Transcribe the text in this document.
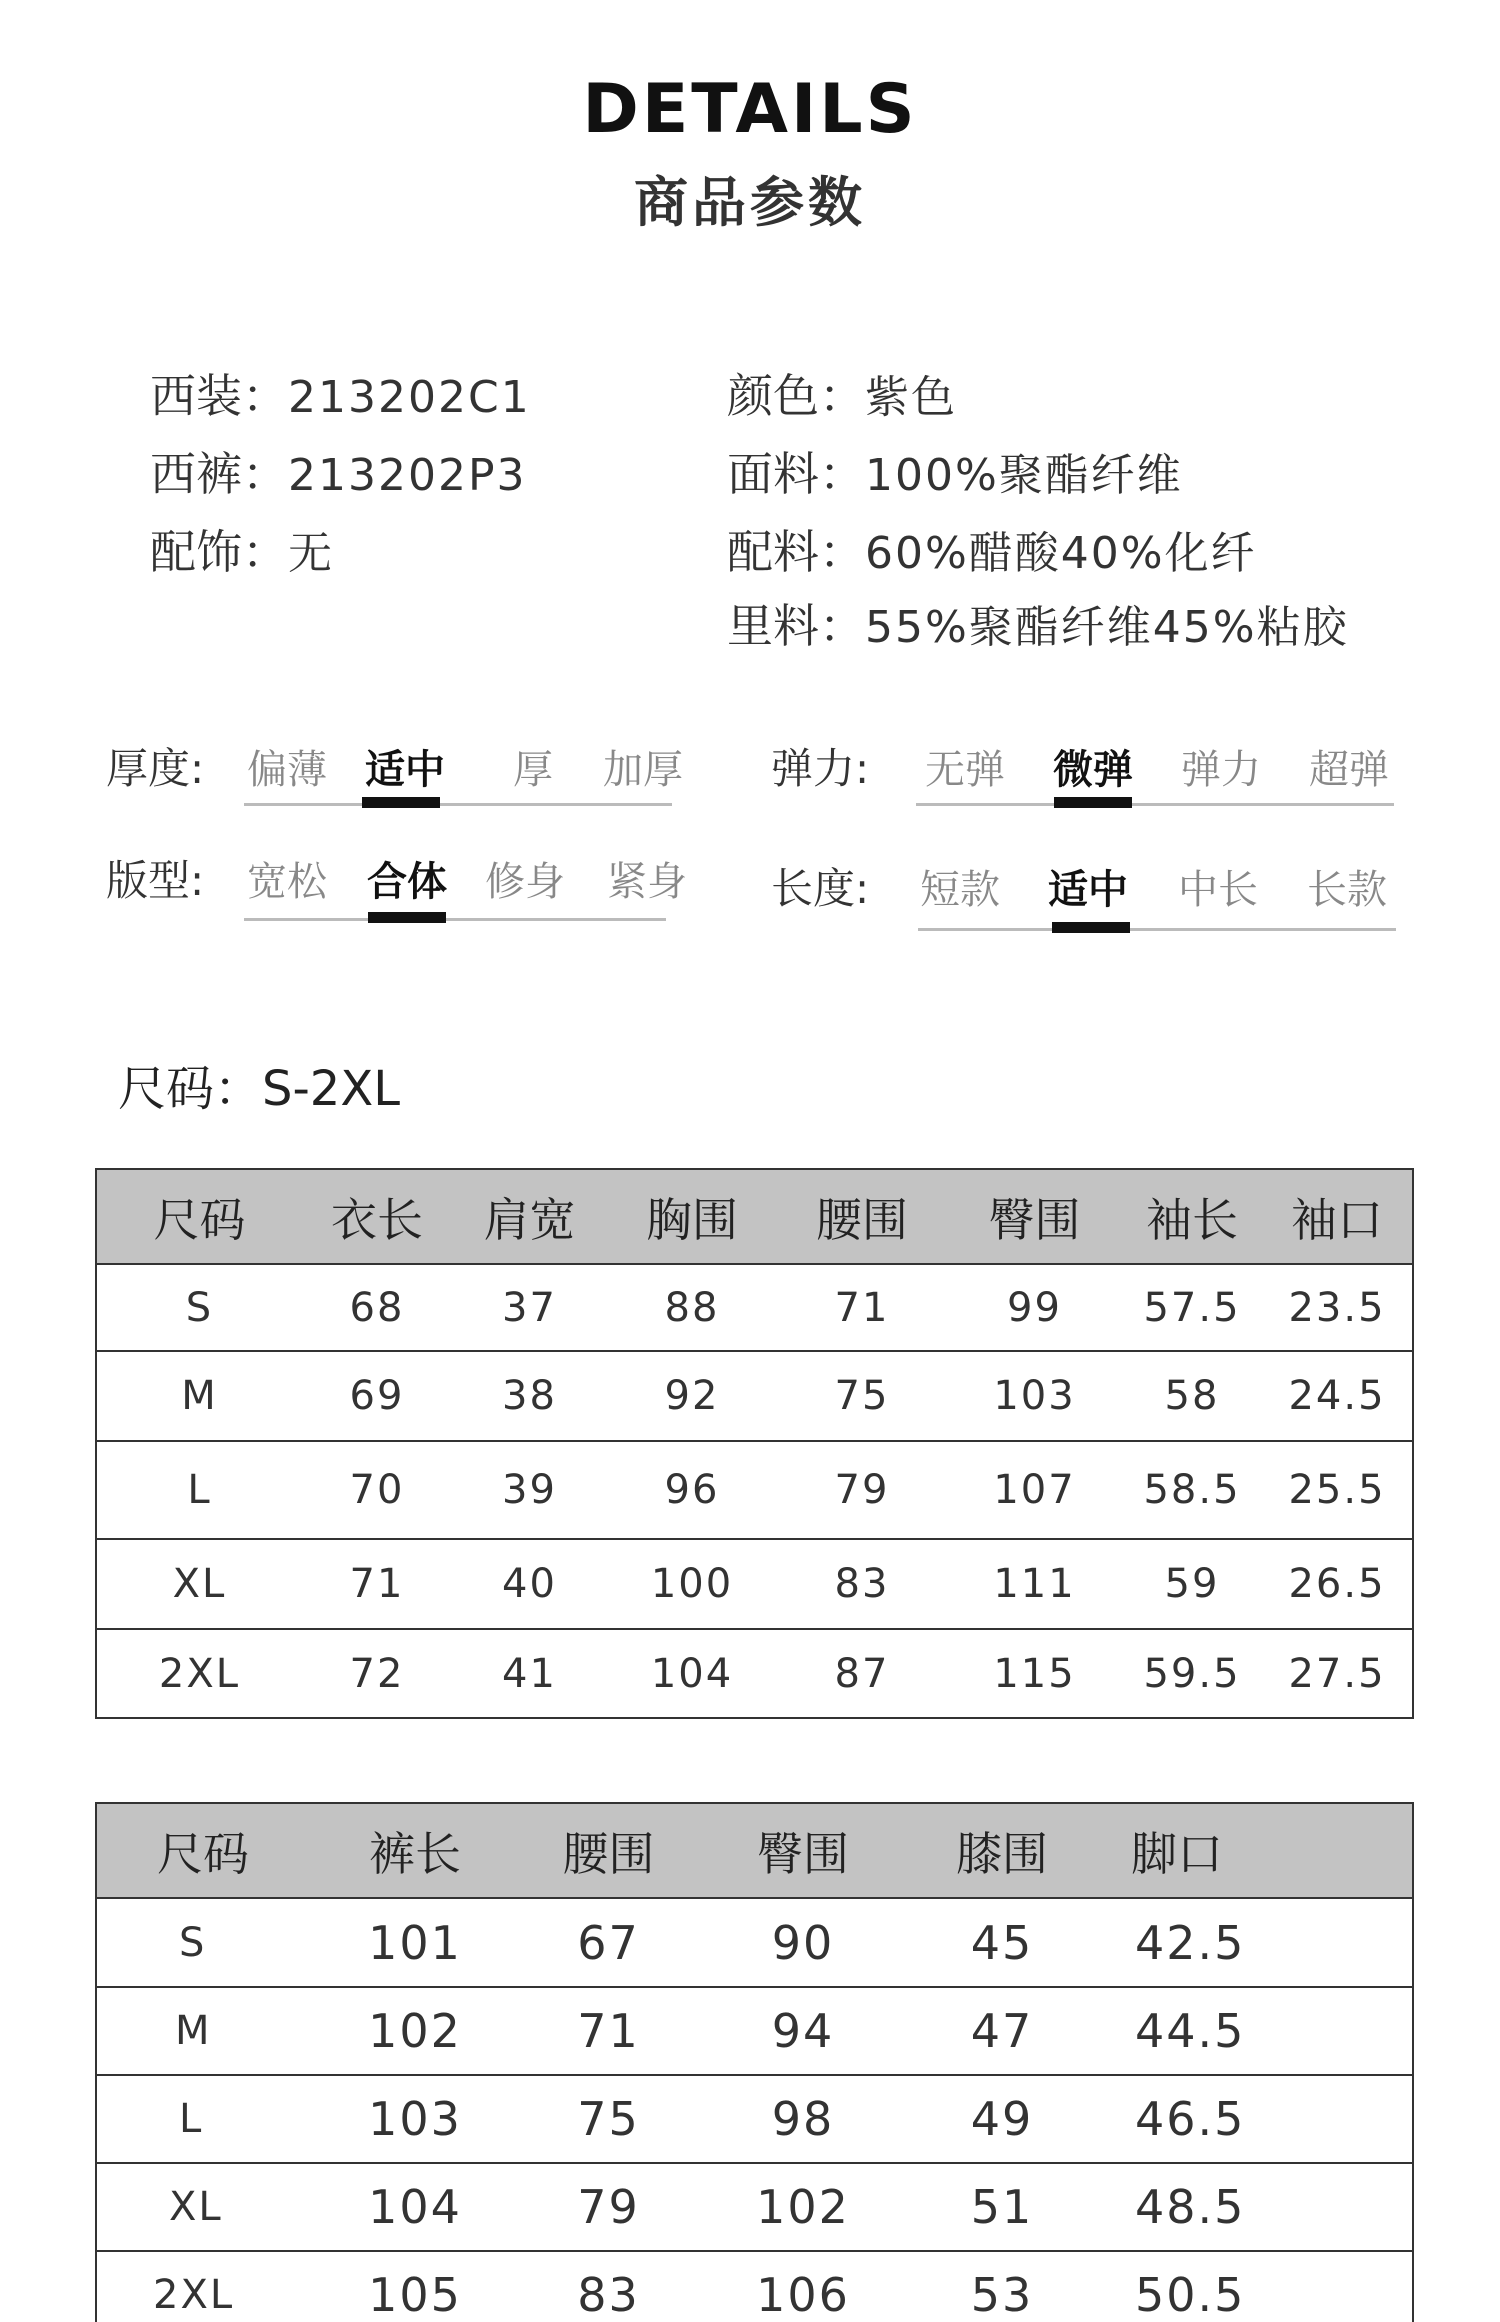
DETAILS
商品参数
西装：213202C1
西裤：213202P3
配饰：无
颜色：紫色
面料：100%聚酯纤维
配料：60%醋酸40%化纤
里料：55%聚酯纤维45%粘胶
厚度:	偏薄 适中	厚	加厚	弹力:	无弹	微弹	弹力	超弹
版型:	宽松	合体 修身	紧身	长度:	短款	适中	中长	长款
尺码：S-2XL
尺码	衣长	肩宽	胸围	腰围	臀围	袖长	袖口
S	68	37	88	71	99	57.5	23.5
M	69	38	92	75	103	58	24.5
L	70	39	96	79	107	58.5	25.5
XL	71	40	100	83	111	59	26.5
2XL	72	41	104	87	115	59.5	27.5
尺码	裤长	腰围	臀围	膝围	脚口
S	101	67	90	45	42.5
M	102	71	94	47	44.5
L	103	75	98	49	46.5
XL	104	79	102	51	48.5
2XL	105	83	106	53	50.5
